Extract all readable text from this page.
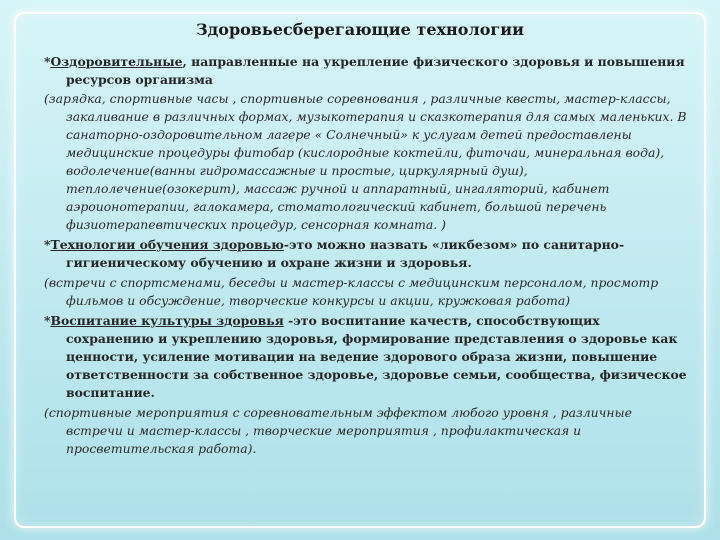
Здоровьесберегающие технологии

*Оздоровительные, направленные на укрепление физического здоровья и повышения ресурсов организма

(зарядка, спортивные часы , спортивные соревнования , различные квесты, мастер-классы, закаливание в различных формах, музыкотерапия и сказкотерапия для самых маленьких. В санаторно-оздоровительном лагере « Солнечный» к услугам детей предоставлены медицинские процедуры фитобар (кислородные коктейли, фиточаи, минеральная вода), водолечение(ванны гидромассажные и простые, циркулярный душ), теплолечение(озокерит), массаж ручной и аппаратный, ингаляторий, кабинет аэроионотерапии, галокамера, стоматологический кабинет, большой перечень физиотерапевтических процедур, сенсорная комната. )

*Технологии обучения здоровью-это можно назвать «ликбезом» по санитарно-гигиеническому обучению и охране жизни и здоровья.

(встречи с спортсменами, беседы и мастер-классы с медицинским персоналом, просмотр фильмов и обсуждение, творческие конкурсы и акции, кружковая работа)

*Воспитание культуры здоровья -это воспитание качеств, способствующих сохранению и укреплению здоровья, формирование представления о здоровье как ценности, усиление мотивации на ведение здорового образа жизни, повышение ответственности за собственное здоровье, здоровье семьи, сообщества, физическое воспитание.

(спортивные мероприятия с соревновательным эффектом любого уровня , различные встречи и мастер-классы , творческие мероприятия , профилактическая и просветительская работа).
